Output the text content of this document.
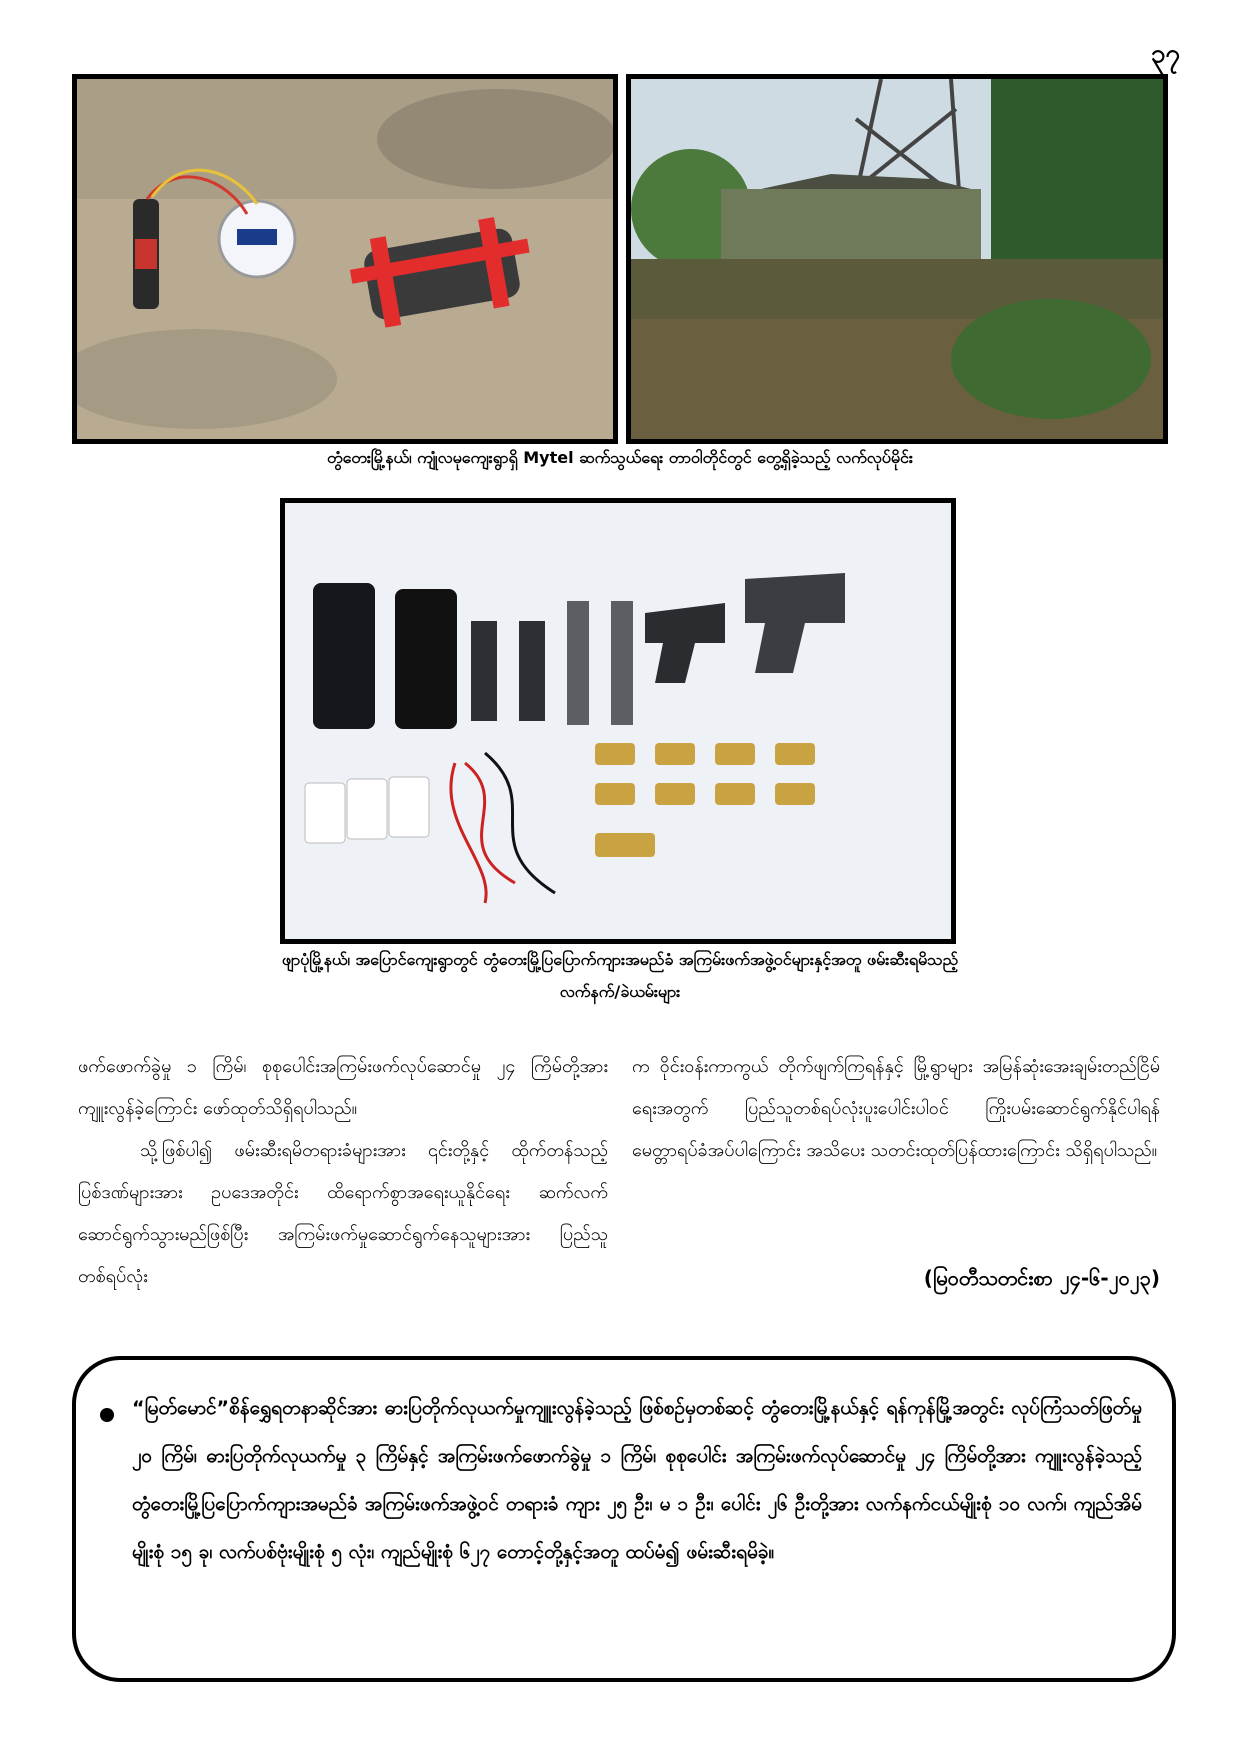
၃၇
တွံတေးမြို့နယ်၊ ကျုံလမုကျေးရွာရှိ Mytel ဆက်သွယ်ရေး တာဝါတိုင်တွင် တွေ့ရှိခဲ့သည့် လက်လုပ်မိုင်း
ဖျာပုံမြို့နယ်၊ အပြောင်ကျေးရွာတွင် တွံတေးမြို့ပြပြောက်ကျားအမည်ခံ အကြမ်းဖက်အဖွဲ့ဝင်များနှင့်အတူ ဖမ်းဆီးရမိသည့်
လက်နက်/ခဲယမ်းများ

ဖက်ဖောက်ခွဲမှု ၁ ကြိမ်၊ စုစုပေါင်းအကြမ်းဖက်လုပ်ဆောင်မှု ၂၄ ကြိမ်တို့အား ကျူးလွန်ခဲ့ကြောင်း ဖော်ထုတ်သိရှိရပါသည်။

သို့ဖြစ်ပါ၍ ဖမ်းဆီးရမိတရားခံများအား ၎င်းတို့နှင့် ထိုက်တန်သည့် ပြစ်ဒဏ်များအား ဥပဒေအတိုင်း ထိရောက်စွာအရေးယူနိုင်ရေး ဆက်လက်ဆောင်ရွက်သွားမည်ဖြစ်ပြီး အကြမ်းဖက်မှုဆောင်ရွက်နေသူများအား ပြည်သူတစ်ရပ်လုံး

က ဝိုင်းဝန်းကာကွယ် တိုက်ဖျက်ကြရန်နှင့် မြို့ရွာများ အမြန်ဆုံးအေးချမ်းတည်ငြိမ်ရေးအတွက် ပြည်သူတစ်ရပ်လုံးပူးပေါင်းပါဝင် ကြိုးပမ်းဆောင်ရွက်နိုင်ပါရန် မေတ္တာရပ်ခံအပ်ပါကြောင်း အသိပေး သတင်းထုတ်ပြန်ထားကြောင်း သိရှိရပါသည်။

(မြဝတီသတင်းစာ ၂၄-၆-၂၀၂၃)
“မြတ်မောင်”စိန်ရွှေရတနာဆိုင်အား ဓားပြတိုက်လုယက်မှုကျူးလွန်ခဲ့သည့် ဖြစ်စဉ်မှတစ်ဆင့် တွံတေးမြို့နယ်နှင့် ရန်ကုန်မြို့အတွင်း လုပ်ကြံသတ်ဖြတ်မှု ၂၀ ကြိမ်၊ ဓားပြတိုက်လုယက်မှု ၃ ကြိမ်နှင့် အကြမ်းဖက်ဖောက်ခွဲမှု ၁ ကြိမ်၊ စုစုပေါင်း အကြမ်းဖက်လုပ်ဆောင်မှု ၂၄ ကြိမ်တို့အား ကျူးလွန်ခဲ့သည့် တွံတေးမြို့ပြပြောက်ကျားအမည်ခံ အကြမ်းဖက်အဖွဲ့ဝင် တရားခံ ကျား ၂၅ ဦး၊ မ ၁ ဦး၊ ပေါင်း ၂၆ ဦးတို့အား လက်နက်ငယ်မျိုးစုံ ၁၀ လက်၊ ကျည်အိမ်မျိုးစုံ ၁၅ ခု၊ လက်ပစ်ဗုံးမျိုးစုံ ၅ လုံး၊ ကျည်မျိုးစုံ ၆၂၇ တောင့်တို့နှင့်အတူ ထပ်မံ၍ ဖမ်းဆီးရမိခဲ့။
